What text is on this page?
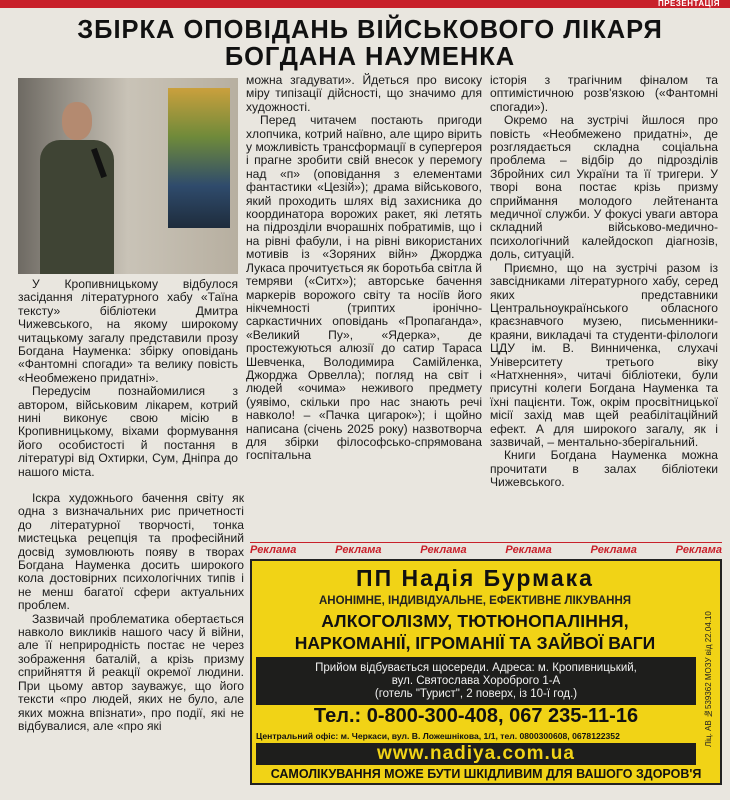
ПРЕЗЕНТАЦІЯ
ЗБІРКА ОПОВІДАНЬ ВІЙСЬКОВОГО ЛІКАРЯ БОГДАНА НАУМЕНКА

У Кропивницькому відбулося засідання літературного хабу «Таїна тексту» бібліотеки Дмитра Чижевського, на якому широкому читацькому загалу представили прозу Богдана Науменка: збірку оповідань «Фантомні спогади» та велику повість «Необмежено придатні».

Передусім познайомилися з автором, військовим лікарем, котрий нині виконує свою місію в Кропивницькому, віхами формування його особистості й постання в літературі від Охтирки, Сум, Дніпра до нашого міста.

Іскра художнього бачення світу як одна з визначальних рис причетності до літературної творчості, тонка мистецька рецепція та професійний досвід зумовлюють появу в творах Богдана Науменка досить широкого кола достовірних психологічних типів і не менш багатої сфери актуальних проблем.

Зазвичай проблематика обертається навколо викликів нашого часу й війни, але її неприродність постає не через зображення баталій, а крізь призму сприйняття й реакції окремої людини. При цьому автор зауважує, що його тексти «про людей, яких не було, але яких можна впізнати», про події, які не відбувалися, але «про які

можна згадувати». Йдеться про високу міру типізації дійсності, що значимо для художності.

Перед читачем постають пригоди хлопчика, котрий наївно, але щиро вірить у можливість трансформації в супергероя і прагне зробити свій внесок у перемогу над «п» (оповідання з елементами фантастики «Цезій»); драма військового, який проходить шлях від захисника до координатора ворожих ракет, які летять на підрозділи вчорашніх побратимів, що і на рівні фабули, і на рівні використаних мотивів із «Зоряних війн» Джорджа Лукаса прочитується як боротьба світла й темряви («Ситх»); авторське бачення маркерів ворожого світу та носіїв його нікчемності (триптих іронічно-саркастичних оповідань «Пропаганда», «Великий Пу», «Ядерка», де простежуються алюзії до сатир Тараса Шевченка, Володимира Самійленка, Джорджа Орвелла); погляд на світ і людей «очима» неживого предмету (уявімо, скільки про нас знають речі навколо! – «Пачка цигарок»); і щойно написана (січень 2025 року) назвотворча для збірки філософсько-спрямована госпітальна

історія з трагічним фіналом та оптимістичною розв'язкою («Фантомні спогади»).

Окремо на зустрічі йшлося про повість «Необмежено придатні», де розглядається складна соціальна проблема – відбір до підрозділів Збройних сил України та її тригери. У творі вона постає крізь призму сприймання молодого лейтенанта медичної служби. У фокусі уваги автора складний військово-медично-психологічний калейдоскоп діагнозів, доль, ситуацій.

Приємно, що на зустрічі разом із завсідниками літературного хабу, серед яких представники Центральноукраїнського обласного краєзнавчого музею, письменники-краяни, викладачі та студенти-філологи ЦДУ ім. В. Винниченка, слухачі Університету третього віку «Натхнення», читачі бібліотеки, були присутні колеги Богдана Науменка та їхні пацієнти. Тож, окрім просвітницької місії захід мав щей реабілітаційний ефект. А для широкого загалу, як і зазвичай, – ментально-зберігальний.

Книги Богдана Науменка можна прочитати в залах бібліотеки Чижевського.

Реклама	Реклама	Реклама	Реклама	Реклама	Реклама
ПП Надія Бурмака
АНОНІМНЕ, ІНДИВІДУАЛЬНЕ, ЕФЕКТИВНЕ ЛІКУВАННЯ
АЛКОГОЛІЗМУ, ТЮТЮНОПАЛІННЯ,
НАРКОМАНІЇ, ІГРОМАНІЇ ТА ЗАЙВОЇ ВАГИ
Прийом відбувається щосереди. Адреса: м. Кропивницький,
вул. Святослава Хороброго 1-А
(готель "Турист", 2 поверх, із 10-ї год.)
Тел.: 0-800-300-408, 067 235-11-16
Центральний офіс: м. Черкаси, вул. В. Ложешнікова, 1/1, тел. 0800300608, 0678122352
www.nadiya.com.ua
САМОЛІКУВАННЯ МОЖЕ БУТИ ШКІДЛИВИМ ДЛЯ ВАШОГО ЗДОРОВ'Я
Ліц. АВ №539362 МОЗУ від 22.04.10
